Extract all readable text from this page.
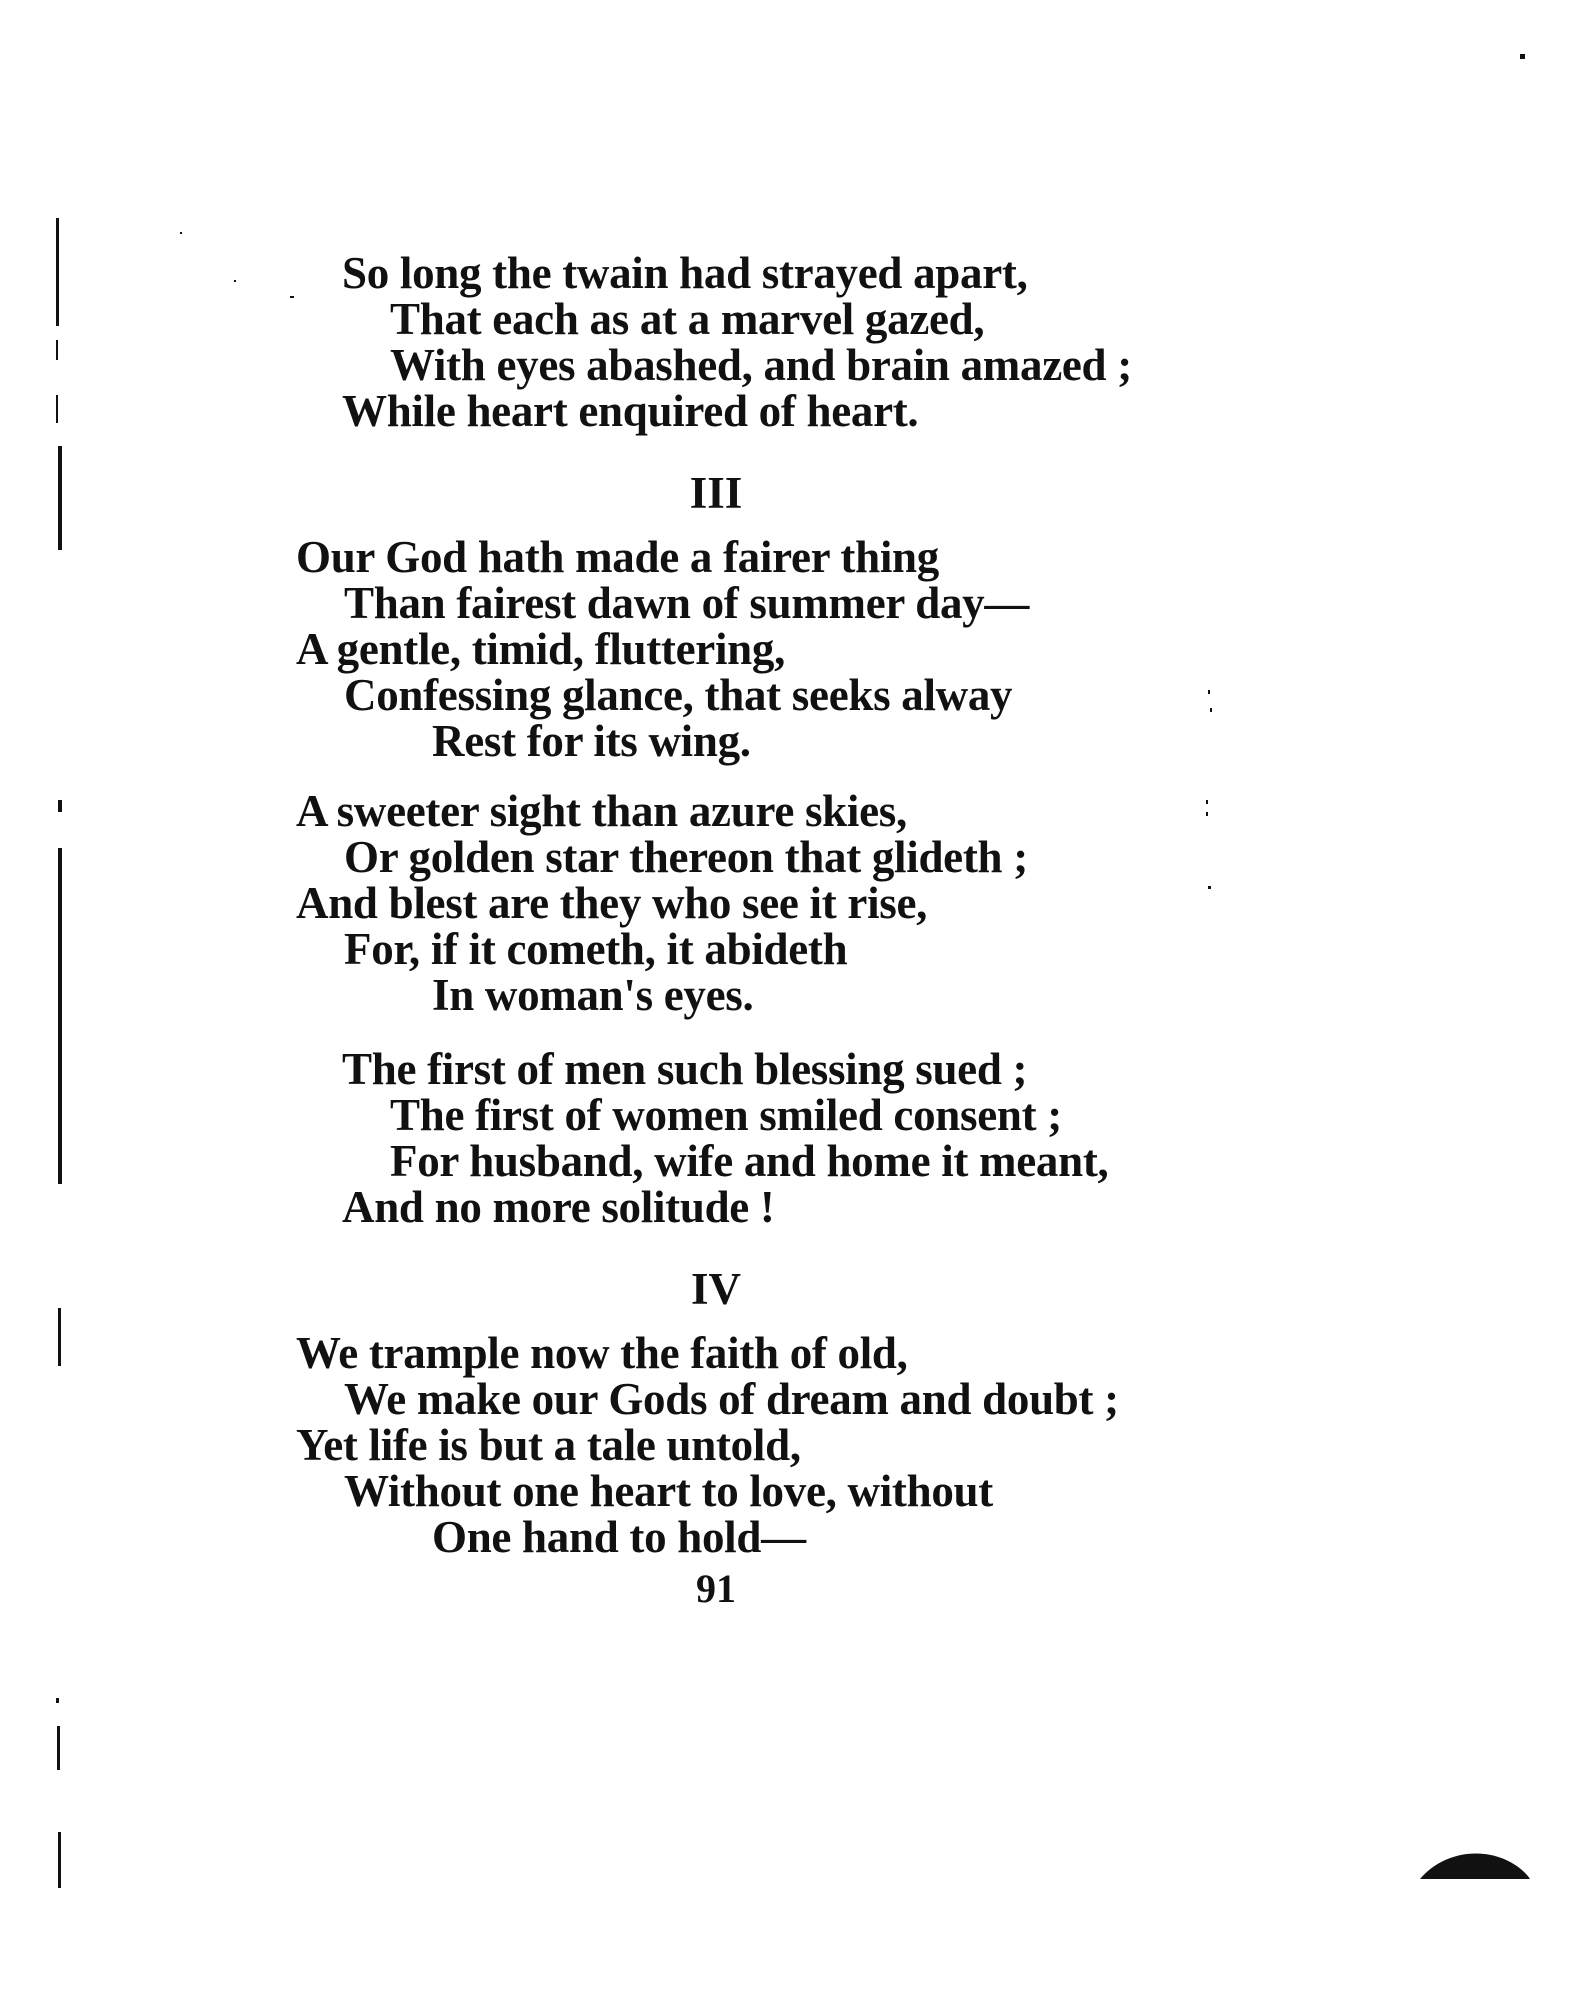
So long the twain had strayed apart,
That each as at a marvel gazed,
With eyes abashed, and brain amazed ;
While heart enquired of heart.
III
Our God hath made a fairer thing
Than fairest dawn of summer day—
A gentle, timid, fluttering,
Confessing glance, that seeks alway
Rest for its wing.
A sweeter sight than azure skies,
Or golden star thereon that glideth ;
And blest are they who see it rise,
For, if it cometh, it abideth
In woman's eyes.
The first of men such blessing sued ;
The first of women smiled consent ;
For husband, wife and home it meant,
And no more solitude !
IV
We trample now the faith of old,
We make our Gods of dream and doubt ;
Yet life is but a tale untold,
Without one heart to love, without
One hand to hold—
91
